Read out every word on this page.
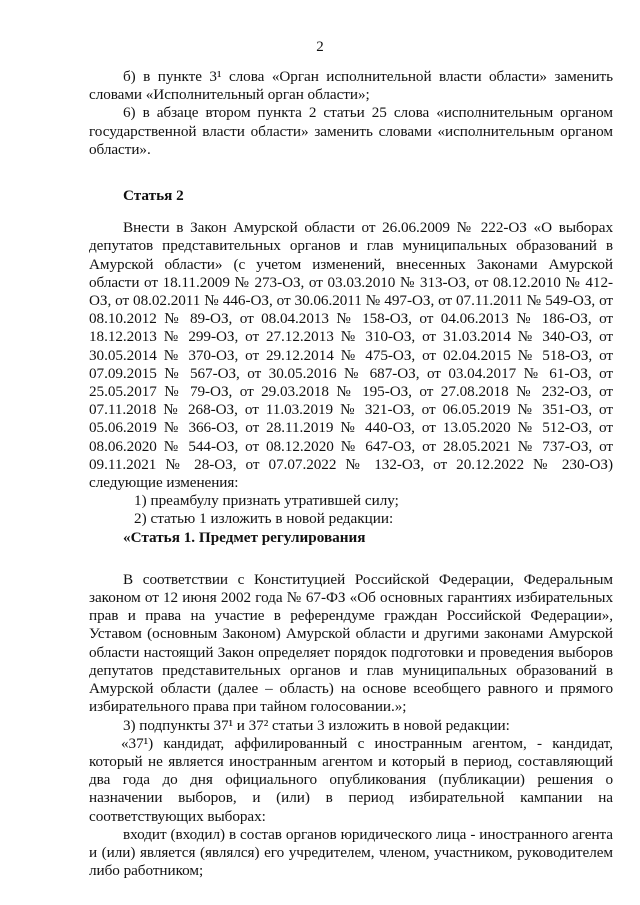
2

б) в пункте 3¹ слова «Орган исполнительной власти области» заменить словами «Исполнительный орган области»;

6) в абзаце втором пункта 2 статьи 25 слова «исполнительным органом государственной власти области» заменить словами «исполнительным органом области».

Статья 2

Внести в Закон Амурской области от 26.06.2009 № 222-ОЗ «О выборах депутатов представительных органов и глав муниципальных образований в Амурской области» (с учетом изменений, внесенных Законами Амурской области от 18.11.2009 № 273-ОЗ, от 03.03.2010 № 313-ОЗ, от 08.12.2010 № 412-ОЗ, от 08.02.2011 № 446-ОЗ, от 30.06.2011 № 497-ОЗ, от 07.11.2011 № 549-ОЗ, от 08.10.2012 № 89-ОЗ, от 08.04.2013 № 158-ОЗ, от 04.06.2013 № 186-ОЗ, от 18.12.2013 № 299-ОЗ, от 27.12.2013 № 310-ОЗ, от 31.03.2014 № 340-ОЗ, от 30.05.2014 № 370-ОЗ, от 29.12.2014 № 475-ОЗ, от 02.04.2015 № 518-ОЗ, от 07.09.2015 № 567-ОЗ, от 30.05.2016 № 687-ОЗ, от 03.04.2017 № 61-ОЗ, от 25.05.2017 № 79-ОЗ, от 29.03.2018 № 195-ОЗ, от 27.08.2018 № 232-ОЗ, от 07.11.2018 № 268-ОЗ, от 11.03.2019 № 321-ОЗ, от 06.05.2019 № 351-ОЗ, от 05.06.2019 № 366-ОЗ, от 28.11.2019 № 440-ОЗ, от 13.05.2020 № 512-ОЗ, от 08.06.2020 № 544-ОЗ, от 08.12.2020 № 647-ОЗ, от 28.05.2021 № 737-ОЗ, от 09.11.2021 № 28-ОЗ, от 07.07.2022 № 132-ОЗ, от 20.12.2022 № 230-ОЗ) следующие изменения:

1) преамбулу признать утратившей силу;

2) статью 1 изложить в новой редакции:

«Статья 1. Предмет регулирования

В соответствии с Конституцией Российской Федерации, Федеральным законом от 12 июня 2002 года № 67-ФЗ «Об основных гарантиях избирательных прав и права на участие в референдуме граждан Российской Федерации», Уставом (основным Законом) Амурской области и другими законами Амурской области настоящий Закон определяет порядок подготовки и проведения выборов депутатов представительных органов и глав муниципальных образований в Амурской области (далее – область) на основе всеобщего равного и прямого избирательного права при тайном голосовании.»;

3) подпункты 37¹ и 37² статьи 3 изложить в новой редакции:

«37¹) кандидат, аффилированный с иностранным агентом, - кандидат, который не является иностранным агентом и который в период, составляющий два года до дня официального опубликования (публикации) решения о назначении выборов, и (или) в период избирательной кампании на соответствующих выборах:

входит (входил) в состав органов юридического лица - иностранного агента и (или) является (являлся) его учредителем, членом, участником, руководителем либо работником;
